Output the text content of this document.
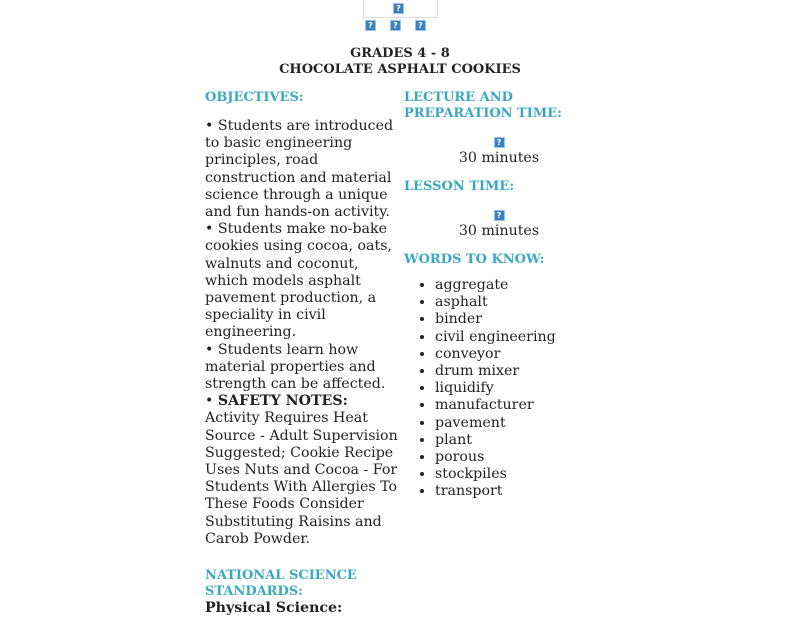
?
?	?	?
GRADES 4 - 8
CHOCOLATE ASPHALT COOKIES
OBJECTIVES:
• Students are introduced to basic engineering principles, road construction and material science through a unique and fun hands-on activity.
• Students make no-bake cookies using cocoa, oats, walnuts and coconut, which models asphalt pavement production, a speciality in civil engineering.
• Students learn how material properties and strength can be affected.
• SAFETY NOTES:
Activity Requires Heat Source - Adult Supervision Suggested; Cookie Recipe Uses Nuts and Cocoa - For Students With Allergies To These Foods Consider Substituting Raisins and Carob Powder.
NATIONAL SCIENCE STANDARDS:
Physical Science:
LECTURE AND PREPARATION TIME:
?
30 minutes
LESSON TIME:
?
30 minutes
WORDS TO KNOW:
• aggregate
• asphalt
• binder
• civil engineering
• conveyor
• drum mixer
• liquidify
• manufacturer
• pavement
• plant
• porous
• stockpiles
• transport
